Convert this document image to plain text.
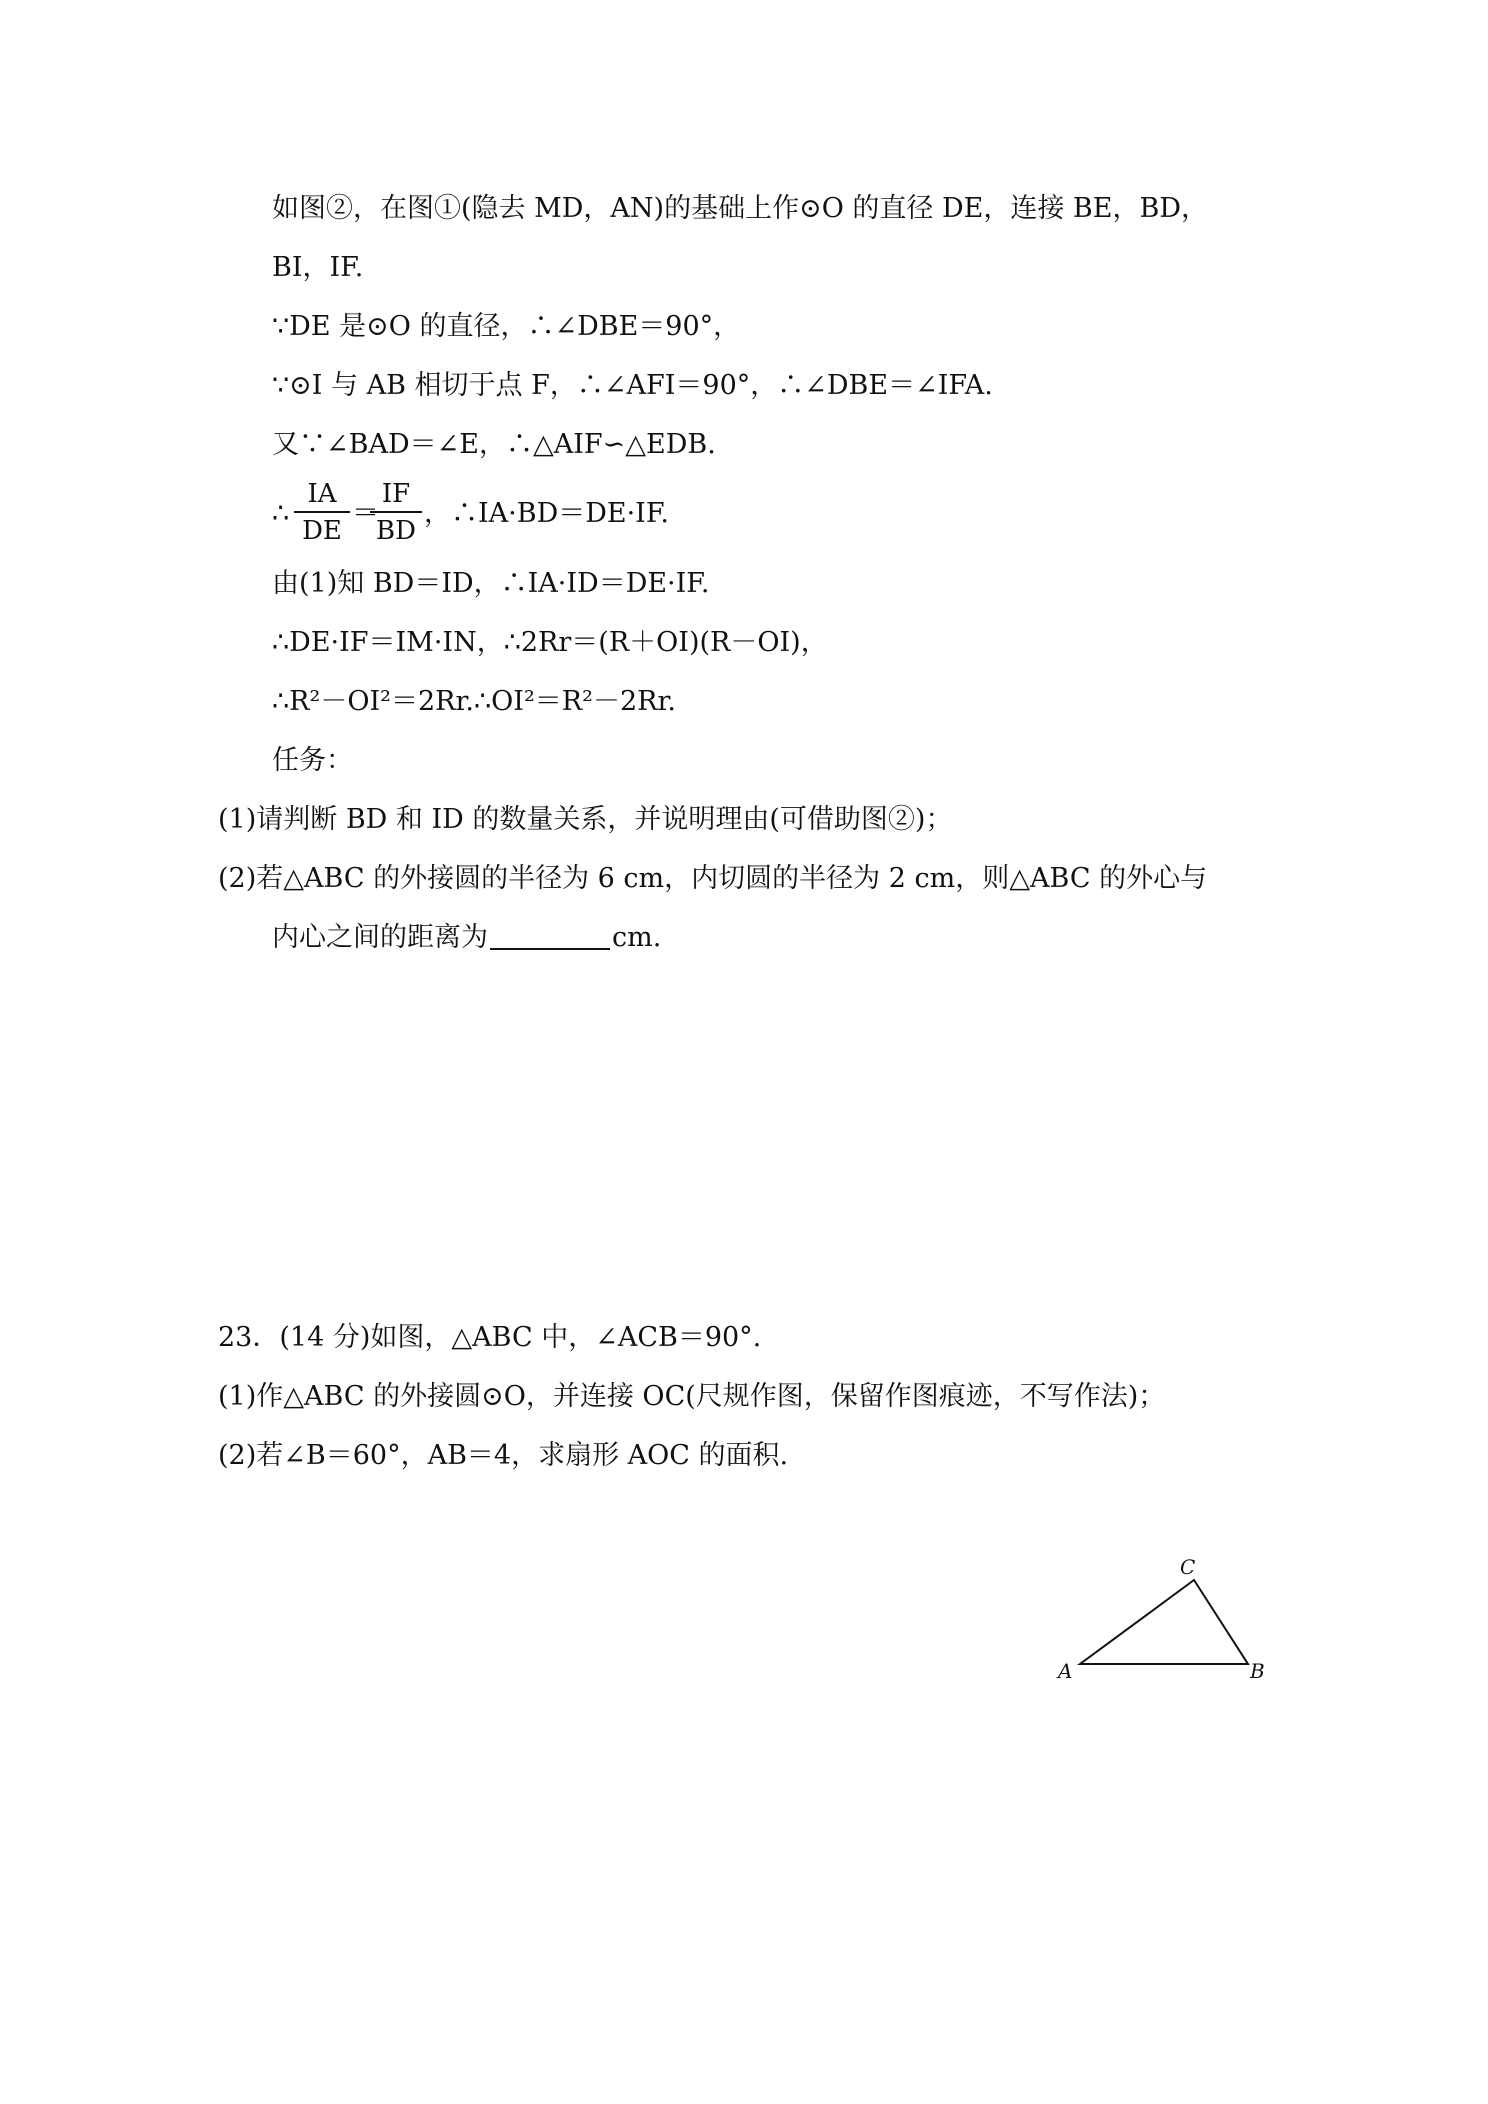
如图②，在图①(隐去 MD，AN)的基础上作⊙O 的直径 DE，连接 BE，BD，
BI，IF.
∵DE 是⊙O 的直径，∴∠DBE＝90°，
∵⊙I 与 AB 相切于点 F，∴∠AFI＝90°，∴∠DBE＝∠IFA.
又∵∠BAD＝∠E，∴△AIF∽△EDB.
∴
IA
DE
＝
IF
BD
，∴IA·BD＝DE·IF.
由(1)知 BD＝ID，∴IA·ID＝DE·IF.
∴DE·IF＝IM·IN，∴2Rr＝(R＋OI)(R－OI)，
∴R²－OI²＝2Rr.∴OI²＝R²－2Rr.
任务：
(1)请判断 BD 和 ID 的数量关系，并说明理由(可借助图②)；
(2)若△ABC 的外接圆的半径为 6 cm，内切圆的半径为 2 cm，则△ABC 的外心与
内心之间的距离为	cm.
23．(14 分)如图，△ABC 中，∠ACB＝90°.
(1)作△ABC 的外接圆⊙O，并连接 OC(尺规作图，保留作图痕迹，不写作法)；
(2)若∠B＝60°，AB＝4，求扇形 AOC 的面积.
A	B
C
